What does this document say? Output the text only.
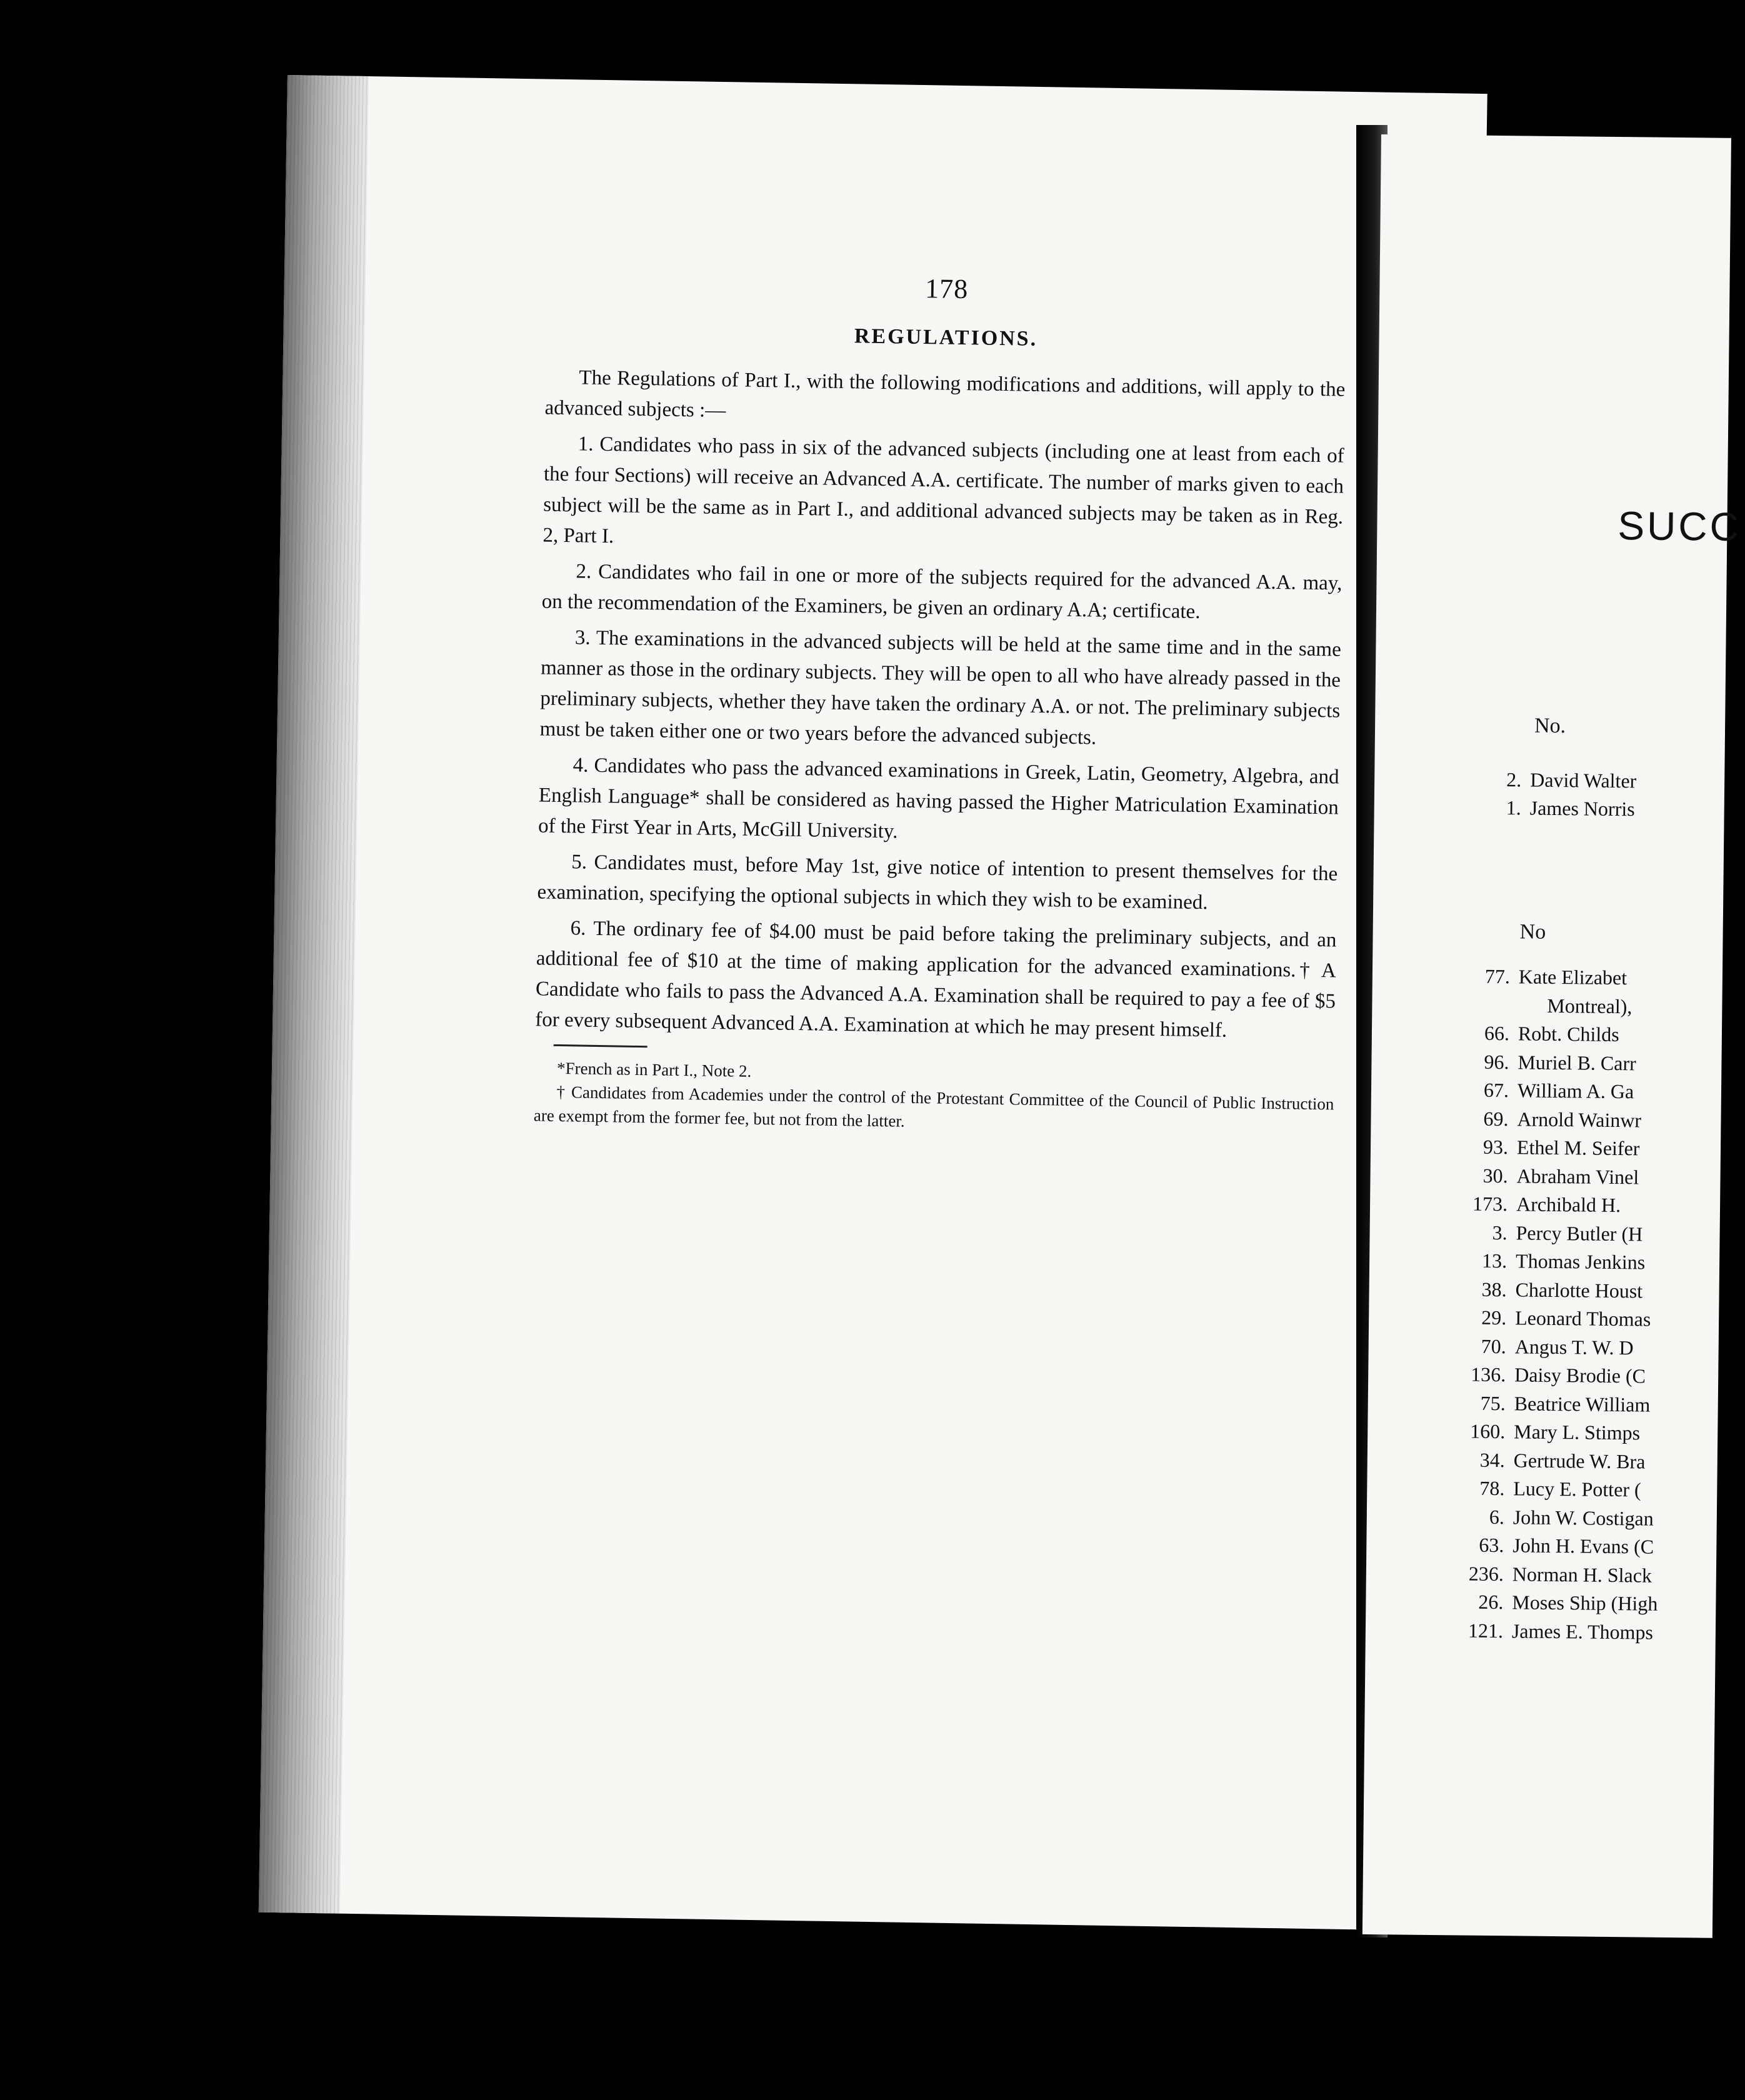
178
REGULATIONS.

The Regulations of Part I., with the following modifications and additions, will apply to the advanced subjects :—

1. Candidates who pass in six of the advanced subjects (including one at least from each of the four Sections) will receive an Advanced A.A. certificate. The number of marks given to each subject will be the same as in Part I., and additional advanced subjects may be taken as in Reg. 2, Part I.

2. Candidates who fail in one or more of the subjects required for the advanced A.A. may, on the recommendation of the Examiners, be given an ordinary A.A; certificate.

3. The examinations in the advanced subjects will be held at the same time and in the same manner as those in the ordinary subjects. They will be open to all who have already passed in the preliminary subjects, whether they have taken the ordinary A.A. or not. The preliminary subjects must be taken either one or two years before the advanced subjects.

4. Candidates who pass the advanced examinations in Greek, Latin, Geometry, Algebra, and English Language* shall be considered as having passed the Higher Matriculation Examination of the First Year in Arts, McGill University.

5. Candidates must, before May 1st, give notice of intention to present themselves for the examination, specifying the optional subjects in which they wish to be examined.

6. The ordinary fee of $4.00 must be paid before taking the preliminary subjects, and an additional fee of $10 at the time of making application for the advanced examinations.† A Candidate who fails to pass the Advanced A.A. Examination shall be required to pay a fee of $5 for every subsequent Advanced A.A. Examination at which he may present himself.

*French as in Part I., Note 2.

† Candidates from Academies under the control of the Protestant Committee of the Council of Public Instruction are exempt from the former fee, but not from the latter.

SUCC
No.
2. David Walter
1. James Norris
No
77. Kate Elizabet
Montreal),
66. Robt. Childs
96. Muriel B. Carr
67. William A. Ga
69. Arnold Wainwr
93. Ethel M. Seifer
30. Abraham Vinel
173. Archibald H.
3. Percy Butler (H
13. Thomas Jenkins
38. Charlotte Houst
29. Leonard Thomas
70. Angus T. W. D
136. Daisy Brodie (C
75. Beatrice William
160. Mary L. Stimps
34. Gertrude W. Bra
78. Lucy E. Potter (
6. John W. Costigan
63. John H. Evans (C
236. Norman H. Slack
26. Moses Ship (High
121. James E. Thomps
